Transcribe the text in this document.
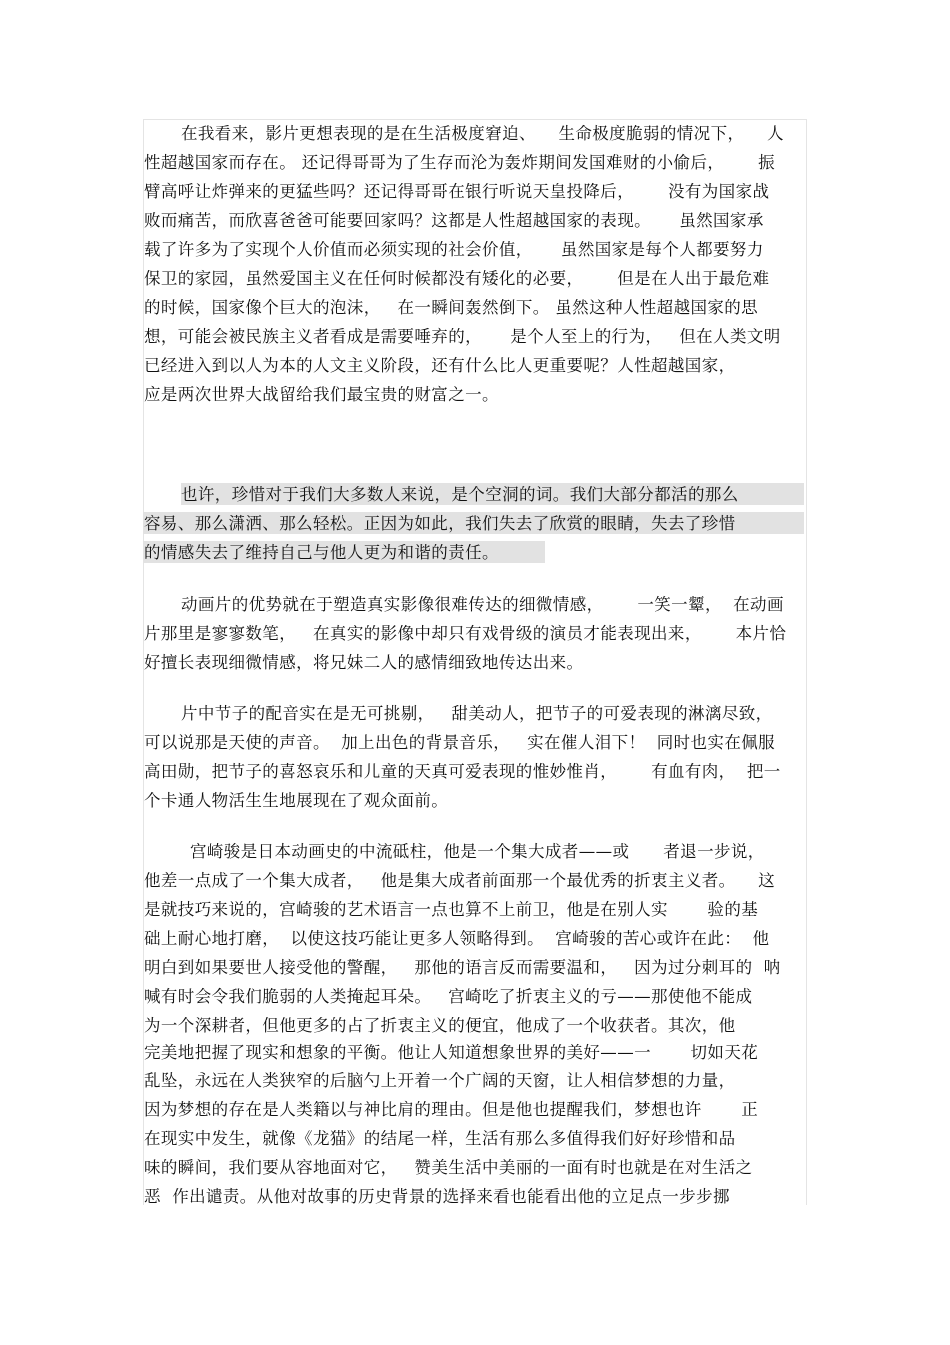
在我看来，影片更想表现的是在生活极度窘迫、    生命极度脆弱的情况下，    人
性超越国家而存在。 还记得哥哥为了生存而沦为轰炸期间发国难财的小偷后，      振
臂高呼让炸弹来的更猛些吗？还记得哥哥在银行听说天皇投降后，      没有为国家战
败而痛苦，而欣喜爸爸可能要回家吗？这都是人性超越国家的表现。     虽然国家承
载了许多为了实现个人价值而必须实现的社会价值，     虽然国家是每个人都要努力
保卫的家园，虽然爱国主义在任何时候都没有矮化的必要，      但是在人出于最危难
的时候，国家像个巨大的泡沫，   在一瞬间轰然倒下。 虽然这种人性超越国家的思
想，可能会被民族主义者看成是需要唾弃的，     是个人至上的行为，   但在人类文明
已经进入到以人为本的人文主义阶段，还有什么比人更重要呢？人性超越国家，
应是两次世界大战留给我们最宝贵的财富之一。
也许，珍惜对于我们大多数人来说，是个空洞的词。我们大部分都活的那么
容易、那么潇洒、那么轻松。正因为如此，我们失去了欣赏的眼睛，失去了珍惜
的情感失去了维持自己与他人更为和谐的责任。
动画片的优势就在于塑造真实影像很难传达的细微情感，      一笑一颦，  在动画
片那里是寥寥数笔，   在真实的影像中却只有戏骨级的演员才能表现出来，      本片恰
好擅长表现细微情感，将兄妹二人的感情细致地传达出来。
片中节子的配音实在是无可挑剔，   甜美动人，把节子的可爱表现的淋漓尽致，
可以说那是天使的声音。  加上出色的背景音乐，   实在催人泪下！  同时也实在佩服
高田勋，把节子的喜怒哀乐和儿童的天真可爱表现的惟妙惟肖，      有血有肉，  把一
个卡通人物活生生地展现在了观众面前。
宫崎骏是日本动画史的中流砥柱，他是一个集大成者——或      者退一步说，
他差一点成了一个集大成者，   他是集大成者前面那一个最优秀的折衷主义者。    这
是就技巧来说的，宫崎骏的艺术语言一点也算不上前卫，他是在别人实       验的基
础上耐心地打磨，  以使这技巧能让更多人领略得到。  宫崎骏的苦心或许在此：  他
明白到如果要世人接受他的警醒，   那他的语言反而需要温和，   因为过分刺耳的  呐
喊有时会令我们脆弱的人类掩起耳朵。   宫崎吃了折衷主义的亏——那使他不能成
为一个深耕者，但他更多的占了折衷主义的便宜，他成了一个收获者。其次，他
完美地把握了现实和想象的平衡。他让人知道想象世界的美好——一       切如天花
乱坠，永远在人类狭窄的后脑勺上开着一个广阔的天窗，让人相信梦想的力量，
因为梦想的存在是人类籍以与神比肩的理由。但是他也提醒我们，梦想也许       正
在现实中发生，就像《龙猫》的结尾一样，生活有那么多值得我们好好珍惜和品
味的瞬间，我们要从容地面对它，   赞美生活中美丽的一面有时也就是在对生活之
恶  作出谴责。从他对故事的历史背景的选择来看也能看出他的立足点一步步挪
